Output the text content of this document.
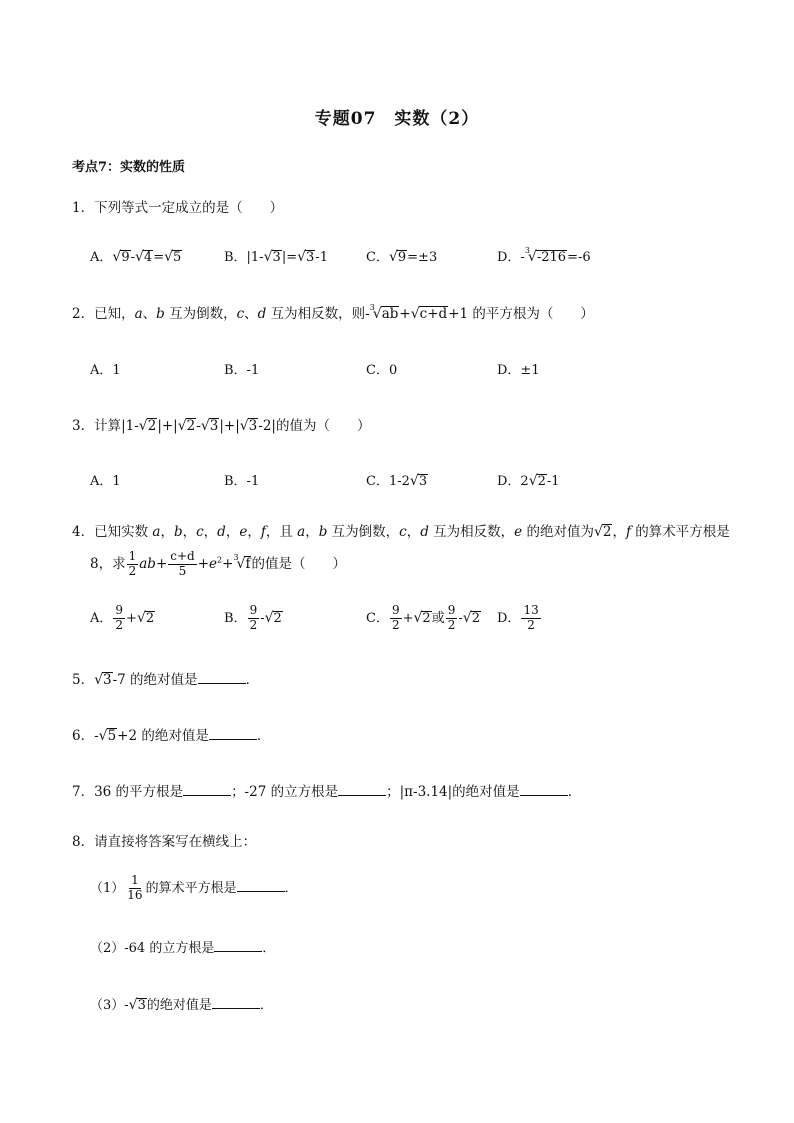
专题07　实数（2）
考点7：实数的性质
1．下列等式一定成立的是（　　）
A．√9-√4=√5	B．|1-√3|=√3-1	C．√9=±3	D．-$^3$√-216=-6
2．已知，a、b 互为倒数，c、d 互为相反数，则-$^3$√ab+√c+d+1 的平方根为（　　）
A．1	B．-1	C．0	D．±1
3．计算|1-√2|+|√2-√3|+|√3-2|的值为（　　）
A．1	B．-1	C．1-2√3	D．2√2-1
4．已知实数 a，b，c，d，e，f，且 a，b 互为倒数，c，d 互为相反数，e 的绝对值为√2，f 的算术平方根是
8，求 $\frac{1}{2} ab+ \frac{c+d}{5} +e^2+^3√f$的值是（　　）
A． $\frac{9}{2} +√2$	B． $\frac{9}{2} -√2$	C． $\frac{9}{2} +√2$或 $\frac{9}{2} -√2$ D． $\frac{13}{2}$
5．√3-7 的绝对值是	．
6．-√5+2 的绝对值是	．
7．36 的平方根是	；-27 的立方根是	；|π-3.14|的绝对值是	．
8．请直接将答案写在横线上：
$(1) \frac{1}{16}$ 的算术平方根是	．
（2）-64 的立方根是	．
（3）-√3的绝对值是	．
